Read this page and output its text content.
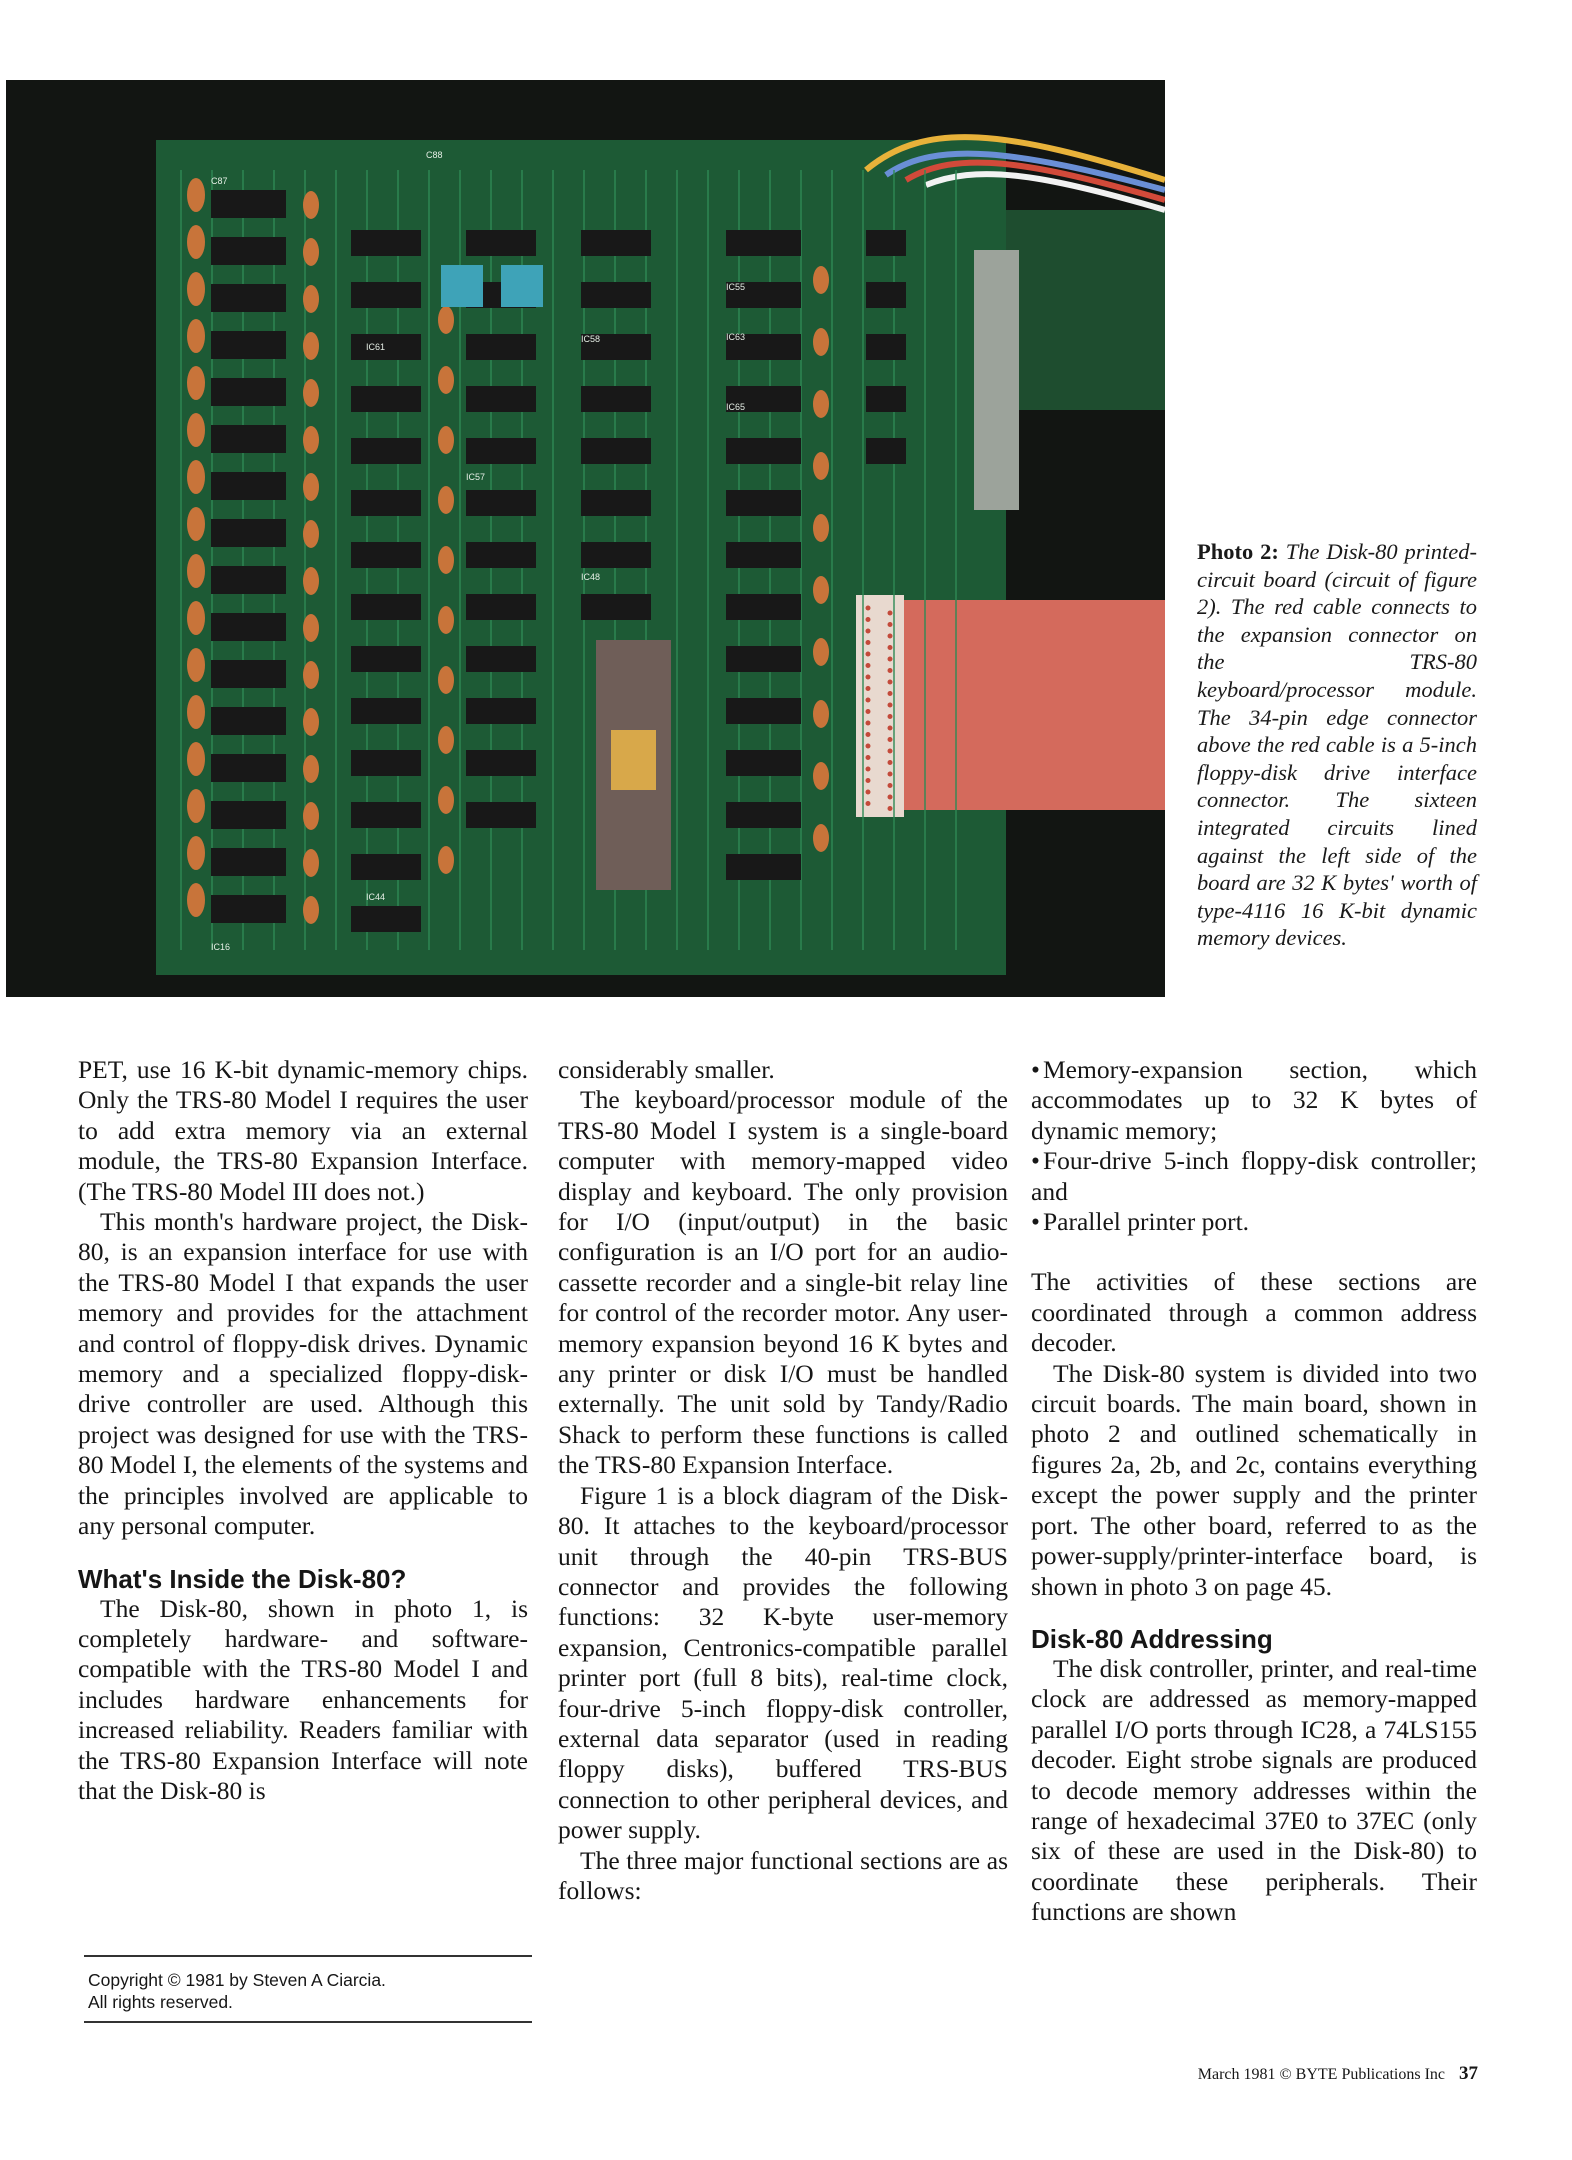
C87
C88
IC61
IC57
IC58	IC63
IC65
IC44
IC48
IC16
IC55
Photo 2: The Disk-80 printed-circuit board (circuit of figure 2). The red cable connects to the expansion connector on the TRS-80 keyboard/processor module. The 34-pin edge connector above the red cable is a 5-inch floppy-disk drive interface connector. The sixteen integrated circuits lined against the left side of the board are 32 K bytes' worth of type-4116 16 K-bit dynamic memory devices.

PET, use 16 K-bit dynamic-memory chips. Only the TRS-80 Model I requires the user to add extra memory via an external module, the TRS-80 Expansion Interface. (The TRS-80 Model III does not.)

This month's hardware project, the Disk-80, is an expansion interface for use with the TRS-80 Model I that expands the user memory and provides for the attachment and control of floppy-disk drives. Dynamic memory and a specialized floppy-disk-drive controller are used. Although this project was designed for use with the TRS-80 Model I, the elements of the systems and the principles involved are applicable to any personal computer.

What's Inside the Disk-80?

The Disk-80, shown in photo 1, is completely hardware- and software-compatible with the TRS-80 Model I and includes hardware enhancements for increased reliability. Readers familiar with the TRS-80 Expansion Interface will note that the Disk-80 is

Copyright © 1981 by Steven A Ciarcia.
All rights reserved.

considerably smaller.

The keyboard/processor module of the TRS-80 Model I system is a single-board computer with memory-mapped video display and keyboard. The only provision for I/O (input/output) in the basic configuration is an I/O port for an audio-cassette recorder and a single-bit relay line for control of the recorder motor. Any user-memory expansion beyond 16 K bytes and any printer or disk I/O must be handled externally. The unit sold by Tandy/Radio Shack to perform these functions is called the TRS-80 Expansion Interface.

Figure 1 is a block diagram of the Disk-80. It attaches to the keyboard/processor unit through the 40-pin TRS-BUS connector and provides the following functions: 32 K-byte user-memory expansion, Centronics-compatible parallel printer port (full 8 bits), real-time clock, four-drive 5-inch floppy-disk controller, external data separator (used in reading floppy disks), buffered TRS-BUS connection to other peripheral devices, and power supply.

The three major functional sections are as follows:

• Memory-expansion section, which accommodates up to 32 K bytes of dynamic memory;

• Four-drive 5-inch floppy-disk controller; and

• Parallel printer port.

The activities of these sections are coordinated through a common address decoder.

The Disk-80 system is divided into two circuit boards. The main board, shown in photo 2 and outlined schematically in figures 2a, 2b, and 2c, contains everything except the power supply and the printer port. The other board, referred to as the power-supply/printer-interface board, is shown in photo 3 on page 45.

Disk-80 Addressing

The disk controller, printer, and real-time clock are addressed as memory-mapped parallel I/O ports through IC28, a 74LS155 decoder. Eight strobe signals are produced to decode memory addresses within the range of hexadecimal 37E0 to 37EC (only six of these are used in the Disk-80) to coordinate these peripherals. Their functions are shown

March 1981 © BYTE Publications Inc 37
